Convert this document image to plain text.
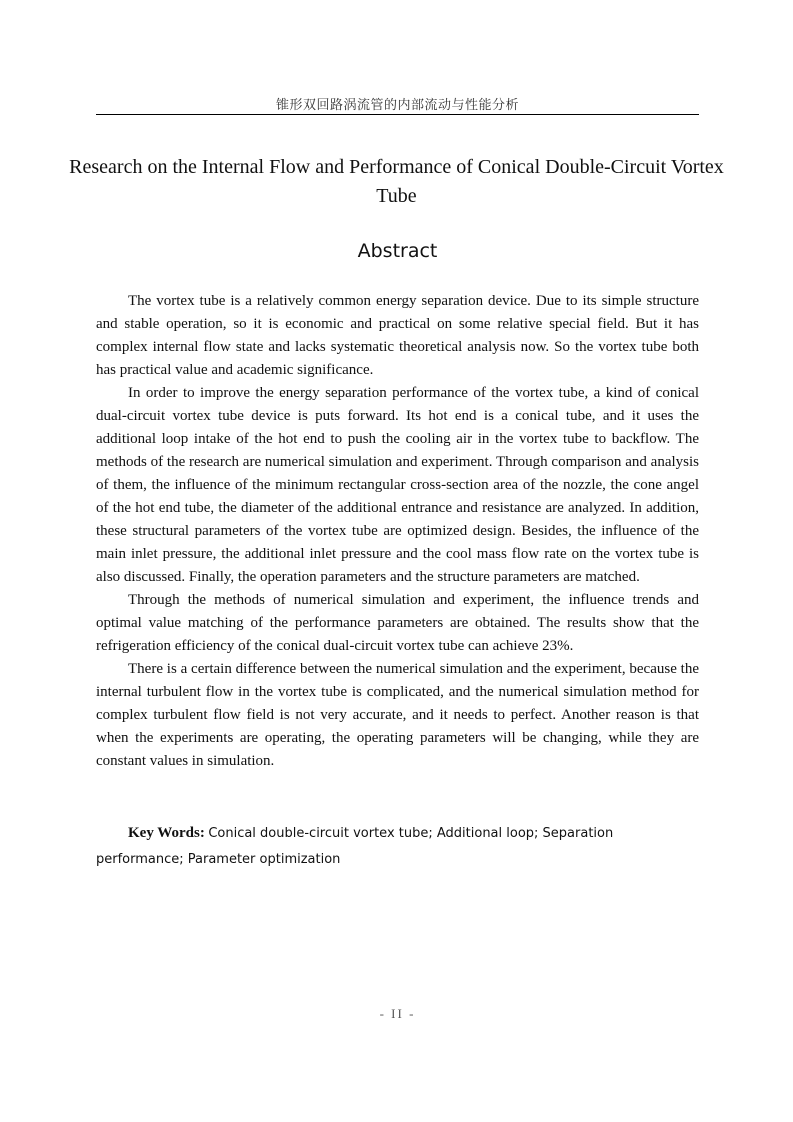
锥形双回路涡流管的内部流动与性能分析
Research on the Internal Flow and Performance of Conical Double-Circuit Vortex Tube
Abstract

The vortex tube is a relatively common energy separation device. Due to its simple structure and stable operation, so it is economic and practical on some relative special field. But it has complex internal flow state and lacks systematic theoretical analysis now. So the vortex tube both has practical value and academic significance.

In order to improve the energy separation performance of the vortex tube, a kind of conical dual-circuit vortex tube device is puts forward. Its hot end is a conical tube, and it uses the additional loop intake of the hot end to push the cooling air in the vortex tube to backflow. The methods of the research are numerical simulation and experiment. Through comparison and analysis of them, the influence of the minimum rectangular cross-section area of the nozzle, the cone angel of the hot end tube, the diameter of the additional entrance and resistance are analyzed. In addition, these structural parameters of the vortex tube are optimized design. Besides, the influence of the main inlet pressure, the additional inlet pressure and the cool mass flow rate on the vortex tube is also discussed. Finally, the operation parameters and the structure parameters are matched.

Through the methods of numerical simulation and experiment, the influence trends and optimal value matching of the performance parameters are obtained. The results show that the refrigeration efficiency of the conical dual-circuit vortex tube can achieve 23%.

There is a certain difference between the numerical simulation and the experiment, because the internal turbulent flow in the vortex tube is complicated, and the numerical simulation method for complex turbulent flow field is not very accurate, and it needs to perfect. Another reason is that when the experiments are operating, the operating parameters will be changing, while they are constant values in simulation.

Key Words: Conical double-circuit vortex tube; Additional loop; Separation performance; Parameter optimization
- II -
